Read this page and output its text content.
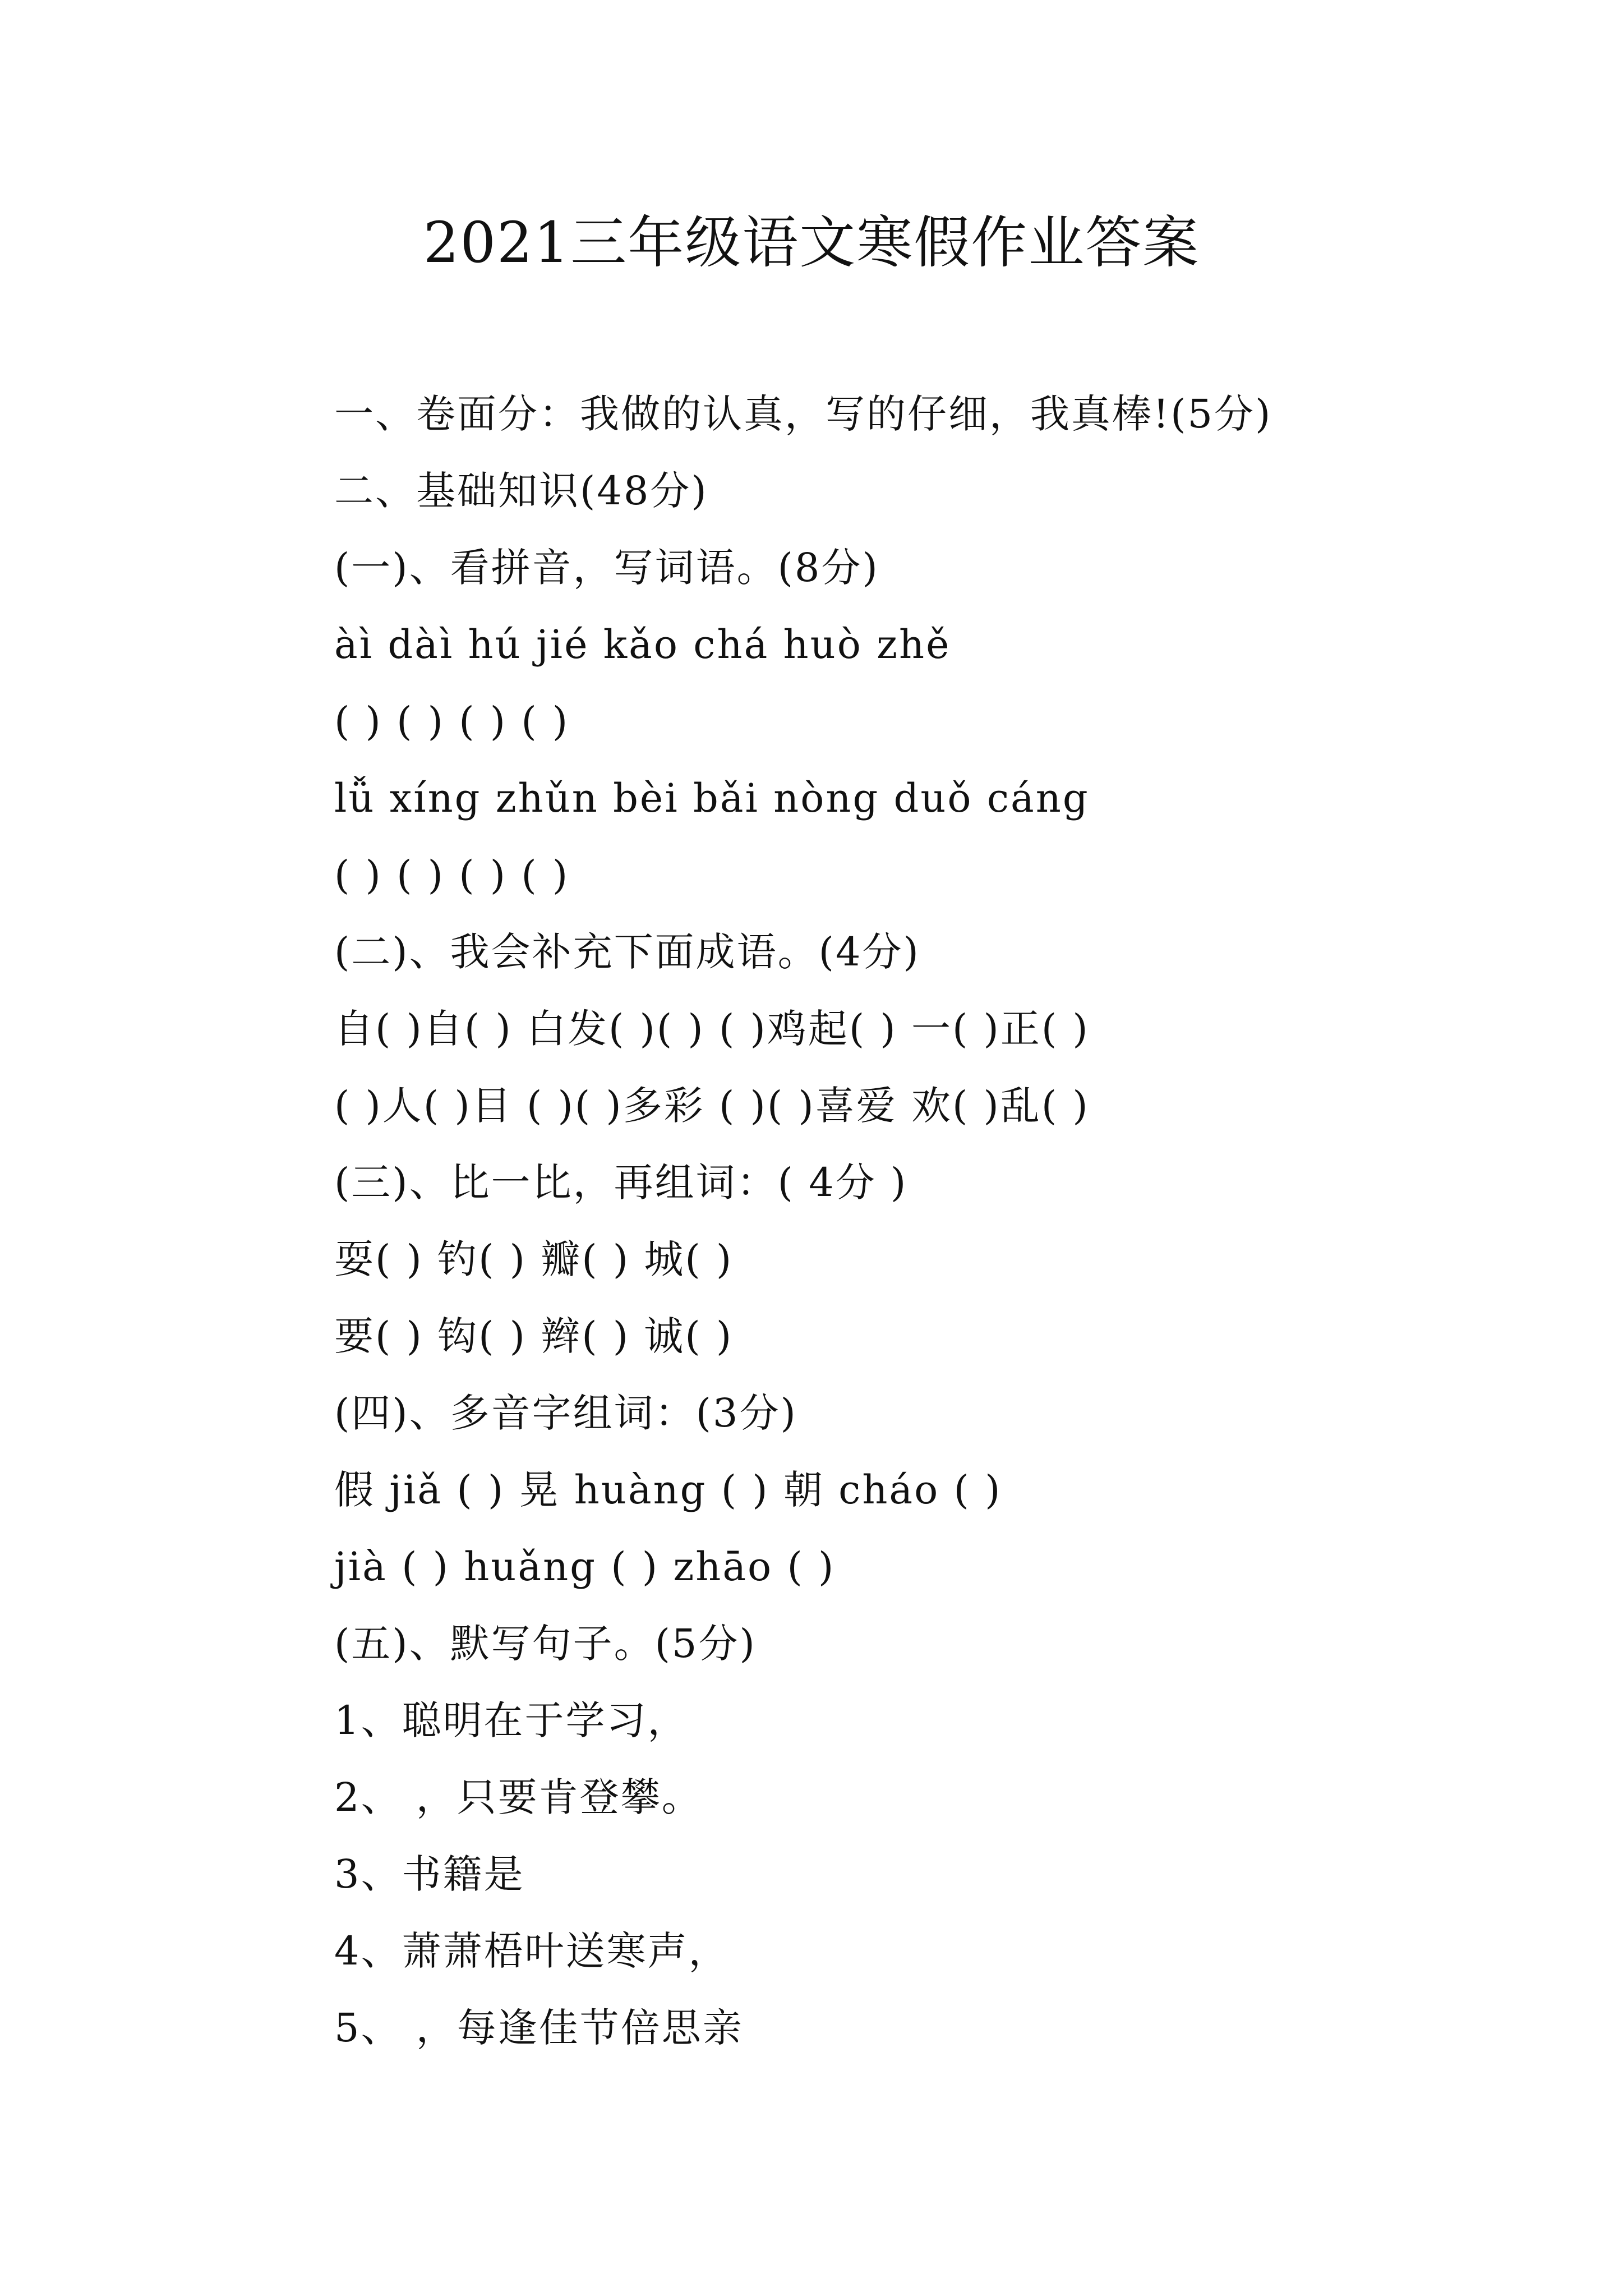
2021三年级语文寒假作业答案
一、卷面分：我做的认真，写的仔细，我真棒!(5分)
二、基础知识(48分)
(一)、看拼音，写词语。(8分)
àì dàì hú jié kǎo chá huò zhě
( ) ( ) ( ) ( )
lǚ xíng zhǔn bèi bǎi nòng duǒ cáng
( ) ( ) ( ) ( )
(二)、我会补充下面成语。(4分)
自( )自( ) 白发( )( ) ( )鸡起( ) 一( )正( )
( )人( )目 ( )( )多彩 ( )( )喜爱 欢( )乱( )
(三)、比一比，再组词：( 4分 )
耍( ) 钓( ) 瓣( ) 城( )
要( ) 钩( ) 辫( ) 诚( )
(四)、多音字组词：(3分)
假 jiǎ ( ) 晃 huàng ( ) 朝 cháo ( )
jià ( ) huǎng ( ) zhāo ( )
(五)、默写句子。(5分)
1、聪明在于学习，
2、 ，只要肯登攀。
3、书籍是
4、萧萧梧叶送寒声，
5、 ，每逢佳节倍思亲
